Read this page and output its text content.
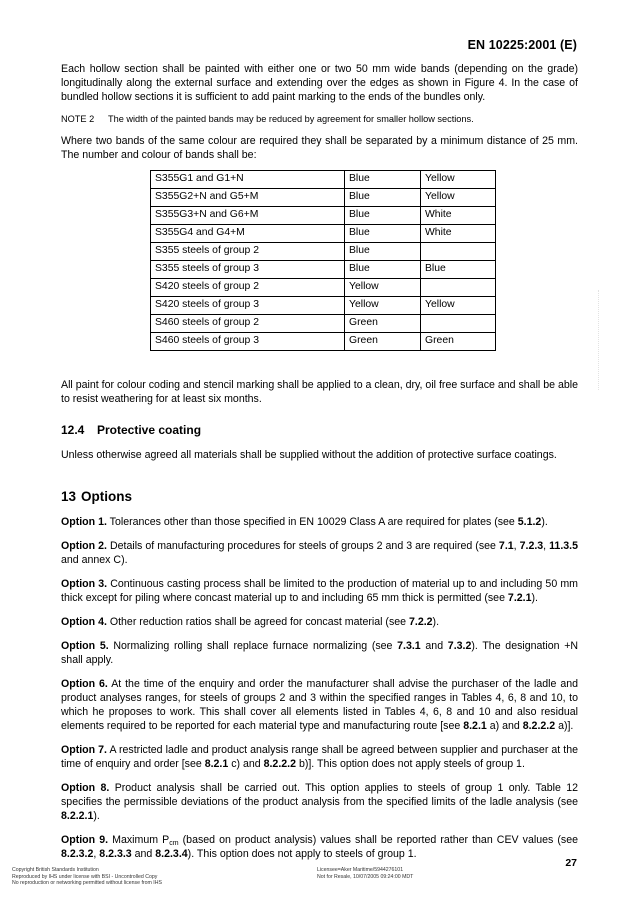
EN 10225:2001 (E)

Each hollow section shall be painted with either one or two 50 mm wide bands (depending on the grade) longitudinally along the external surface and extending over the edges as shown in Figure 4. In the case of bundled hollow sections it is sufficient to add paint marking to the ends of the bundles only.

NOTE 2 The width of the painted bands may be reduced by agreement for smaller hollow sections.

Where two bands of the same colour are required they shall be separated by a minimum distance of 25 mm. The number and colour of bands shall be:

S355G1 and G1+N	Blue	Yellow
S355G2+N and G5+M	Blue	Yellow
S355G3+N and G6+M	Blue	White
S355G4 and G4+M	Blue	White
S355 steels of group 2	Blue	
S355 steels of group 3	Blue	Blue
S420 steels of group 2	Yellow	
S420 steels of group 3	Yellow	Yellow
S460 steels of group 2	Green	
S460 steels of group 3	Green	Green

All paint for colour coding and stencil marking shall be applied to a clean, dry, oil free surface and shall be able to resist weathering for at least six months.

12.4 Protective coating

Unless otherwise agreed all materials shall be supplied without the addition of protective surface coatings.

13 Options

Option 1. Tolerances other than those specified in EN 10029 Class A are required for plates (see 5.1.2).

Option 2. Details of manufacturing procedures for steels of groups 2 and 3 are required (see 7.1, 7.2.3, 11.3.5 and annex C).

Option 3. Continuous casting process shall be limited to the production of material up to and including 50 mm thick except for piling where concast material up to and including 65 mm thick is permitted (see 7.2.1).

Option 4. Other reduction ratios shall be agreed for concast material (see 7.2.2).

Option 5. Normalizing rolling shall replace furnace normalizing (see 7.3.1 and 7.3.2). The designation +N shall apply.

Option 6. At the time of the enquiry and order the manufacturer shall advise the purchaser of the ladle and product analyses ranges, for steels of groups 2 and 3 within the specified ranges in Tables 4, 6, 8 and 10, to which he proposes to work. This shall cover all elements listed in Tables 4, 6, 8 and 10 and also residual elements required to be reported for each material type and manufacturing route [see 8.2.1 a) and 8.2.2.2 a)].

Option 7. A restricted ladle and product analysis range shall be agreed between supplier and purchaser at the time of enquiry and order [see 8.2.1 c) and 8.2.2.2 b)]. This option does not apply steels of group 1.

Option 8. Product analysis shall be carried out. This option applies to steels of group 1 only. Table 12 specifies the permissible deviations of the product analysis from the specified limits of the ladle analysis (see 8.2.2.1).

Option 9. Maximum $P_{cm}$ (based on product analysis) values shall be reported rather than CEV values (see 8.2.3.2, 8.2.3.3 and 8.2.3.4). This option does not apply to steels of group 1.

27
Copyright British Standards Institution
Reproduced by IHS under license with BSI - Uncontrolled Copy
No reproduction or networking permitted without license from IHS
Licensee=Aker Maritime/5944276101
Not for Resale, 10/07/2005 09:24:00 MDT
